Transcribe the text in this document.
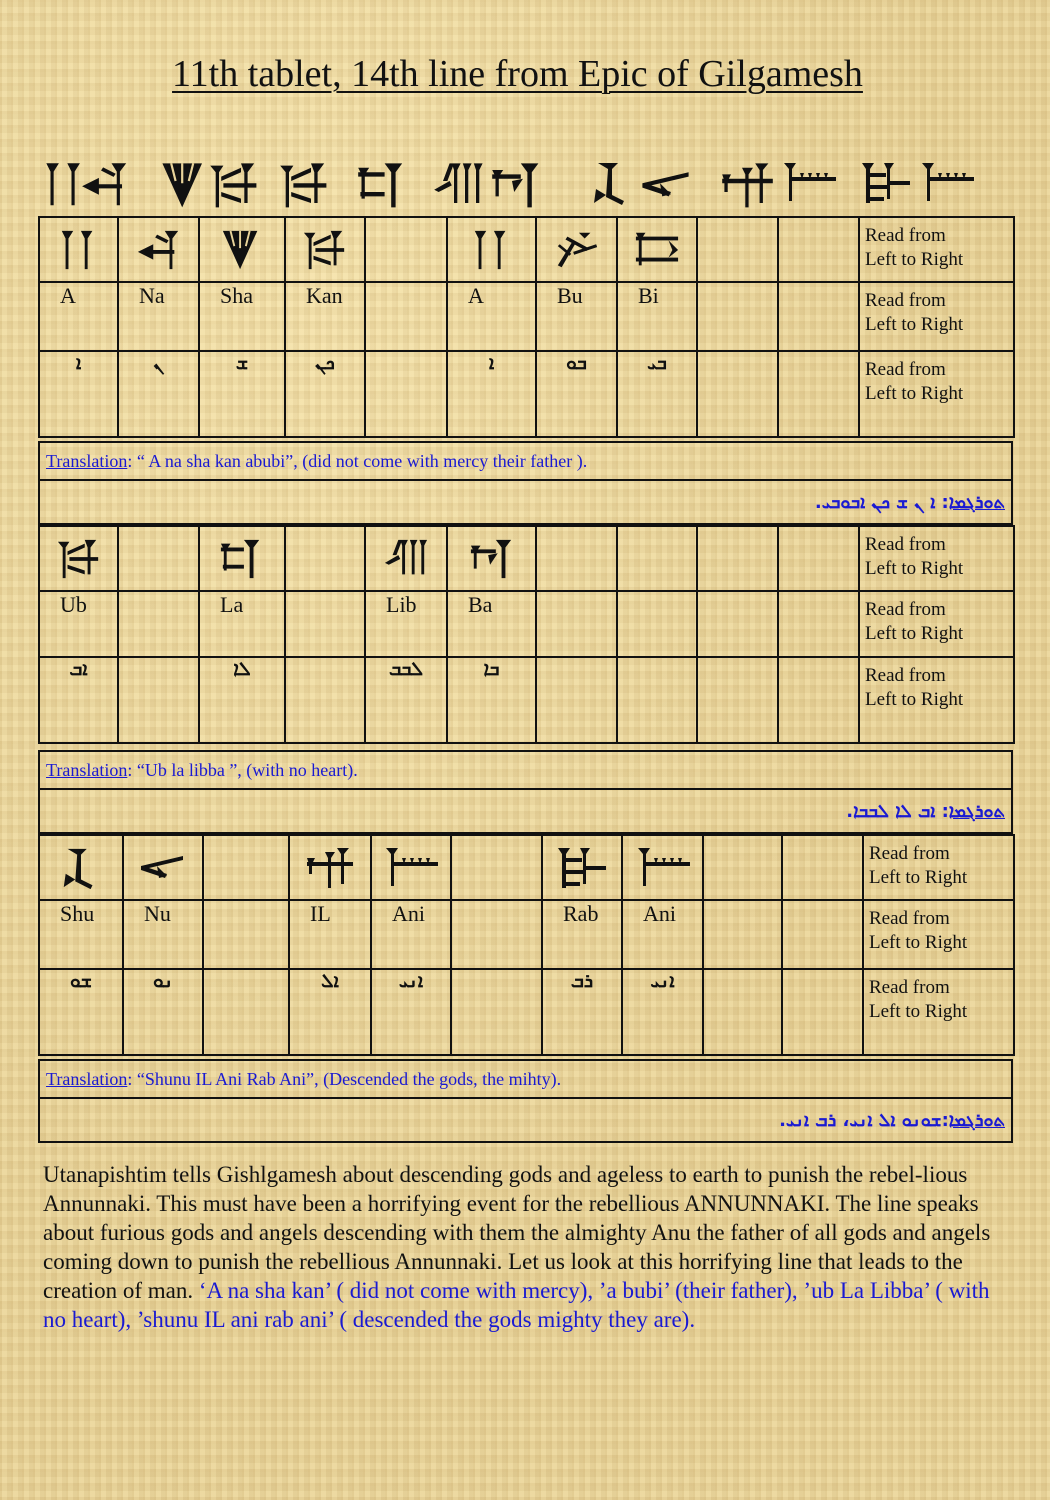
11th tablet, 14th line from Epic of Gilgamesh

			Read from
Left to Right

A	Na	Sha	Kan		A	Bu	Bi			Read from
Left to Right
ܐ	ܢ	ܫ	ܟܢ		ܐ	ܒܘ	ܒܝ			Read from
Left to Right
Translation: “ A na sha kan abubi”, (did not come with mercy their father ).
ܬܘܪܓܡܐ: ܐ ܢ ܫ ܟܢ ܐܒܘܒܝ.

					Read from
Left to Right

Ub		La		Lib	Ba					Read from
Left to Right
ܐܒ		ܠܐ		ܠܒܒ	ܒܐ					Read from
Left to Right
Translation: “Ub la libba ”, (with no heart).
ܬܘܪܓܡܐ: ܐܒ ܠܐ ܠܒܒܐ.

			Read from
Left to Right

Shu	Nu		IL	Ani		Rab	Ani			Read from
Left to Right
ܫܘ	ܢܘ		ܐܠ	ܐܢܝ		ܪܒ	ܐܢܝ			Read from
Left to Right
Translation: “Shunu IL Ani Rab Ani”, (Descended the gods, the mihty).
ܬܘܪܓܡܐ:ܫܘܢܘ ܐܠ ܐܢܝ، ܪܒ ܐܢܝ.
Utanapishtim tells Gishlgamesh about descending gods and ageless to earth to punish the rebel-lious Annunnaki. This must have been a horrifying event for the rebellious ANNUNNAKI. The line speaks about furious gods and angels descending with them the almighty Anu the father of all gods and angels coming down to punish the rebellious Annunnaki. Let us look at this horrifying line that leads to the creation of man. ‘A na sha kan’ ( did not come with mercy), ’a bubi’ (their father), ’ub La Libba’ ( with no heart), ’shunu IL ani rab ani’ ( descended the gods mighty they are).
